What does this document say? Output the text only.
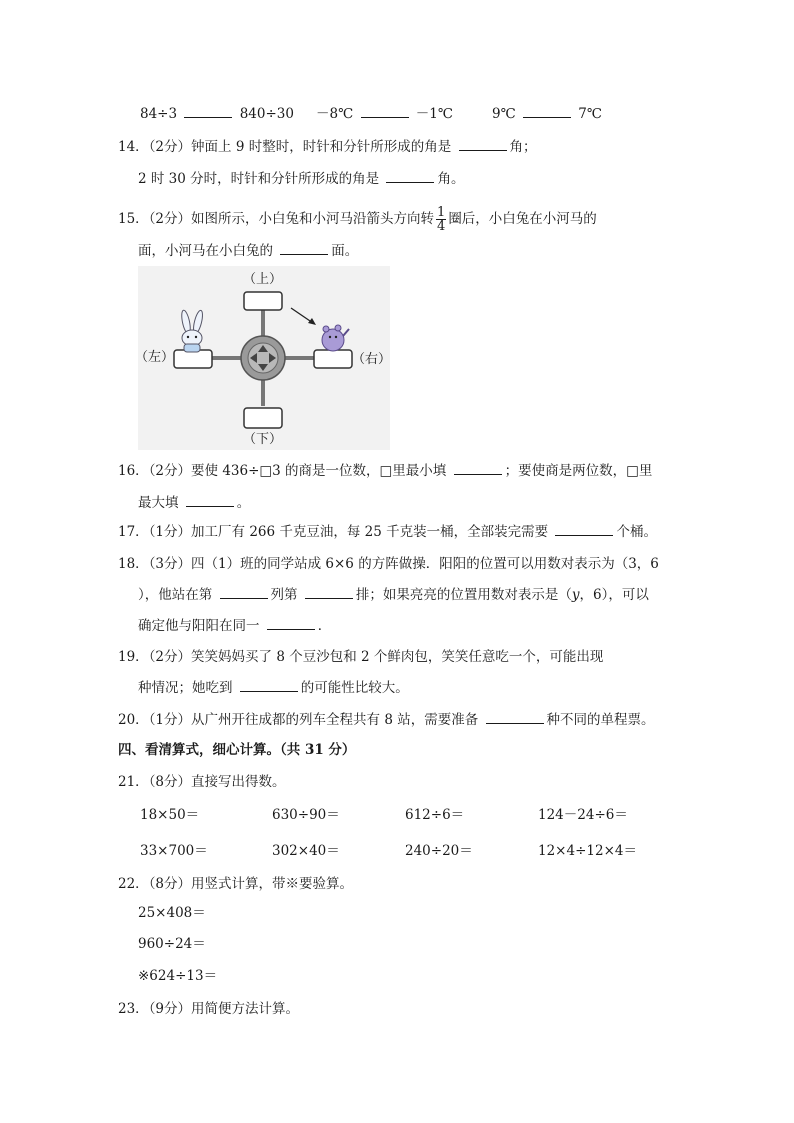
84÷3	840÷30 －8℃	－1℃	9℃	7℃
14．（2分）钟面上 9 时整时，时针和分针所形成的角是	角；
2 时 30 分时，时针和分针所形成的角是	角。
15．（2分）如图所示，小白兔和小河马沿箭头方向转 $\frac{1}{4}$ 圈后，小白兔在小河马的
面，小河马在小白兔的	面。
（上）
（下）
（左）	（右）
16．（2分）要使 436÷□3 的商是一位数，□里最小填	；要使商是两位数，□里
最大填	。
17．（1分）加工厂有 266 千克豆油，每 25 千克装一桶，全部装完需要	个桶。
18．（3分）四（1）班的同学站成 6×6 的方阵做操．阳阳的位置可以用数对表示为（3，6
），他站在第	列第	排；如果亮亮的位置用数对表示是（y，6），可以
确定他与阳阳在同一	．
19．（2分）笑笑妈妈买了 8 个豆沙包和 2 个鲜肉包，笑笑任意吃一个，可能出现
种情况；她吃到	的可能性比较大。
20．（1分）从广州开往成都的列车全程共有 8 站，需要准备	种不同的单程票。
四、看清算式，细心计算。（共 31 分）
21．（8分）直接写出得数。
18×50＝	630÷90＝	612÷6＝	124－24÷6＝
33×700＝	302×40＝	240÷20＝	12×4÷12×4＝
22．（8分）用竖式计算，带※要验算。
25×408＝
960÷24＝
※624÷13＝
23．（9分）用简便方法计算。
